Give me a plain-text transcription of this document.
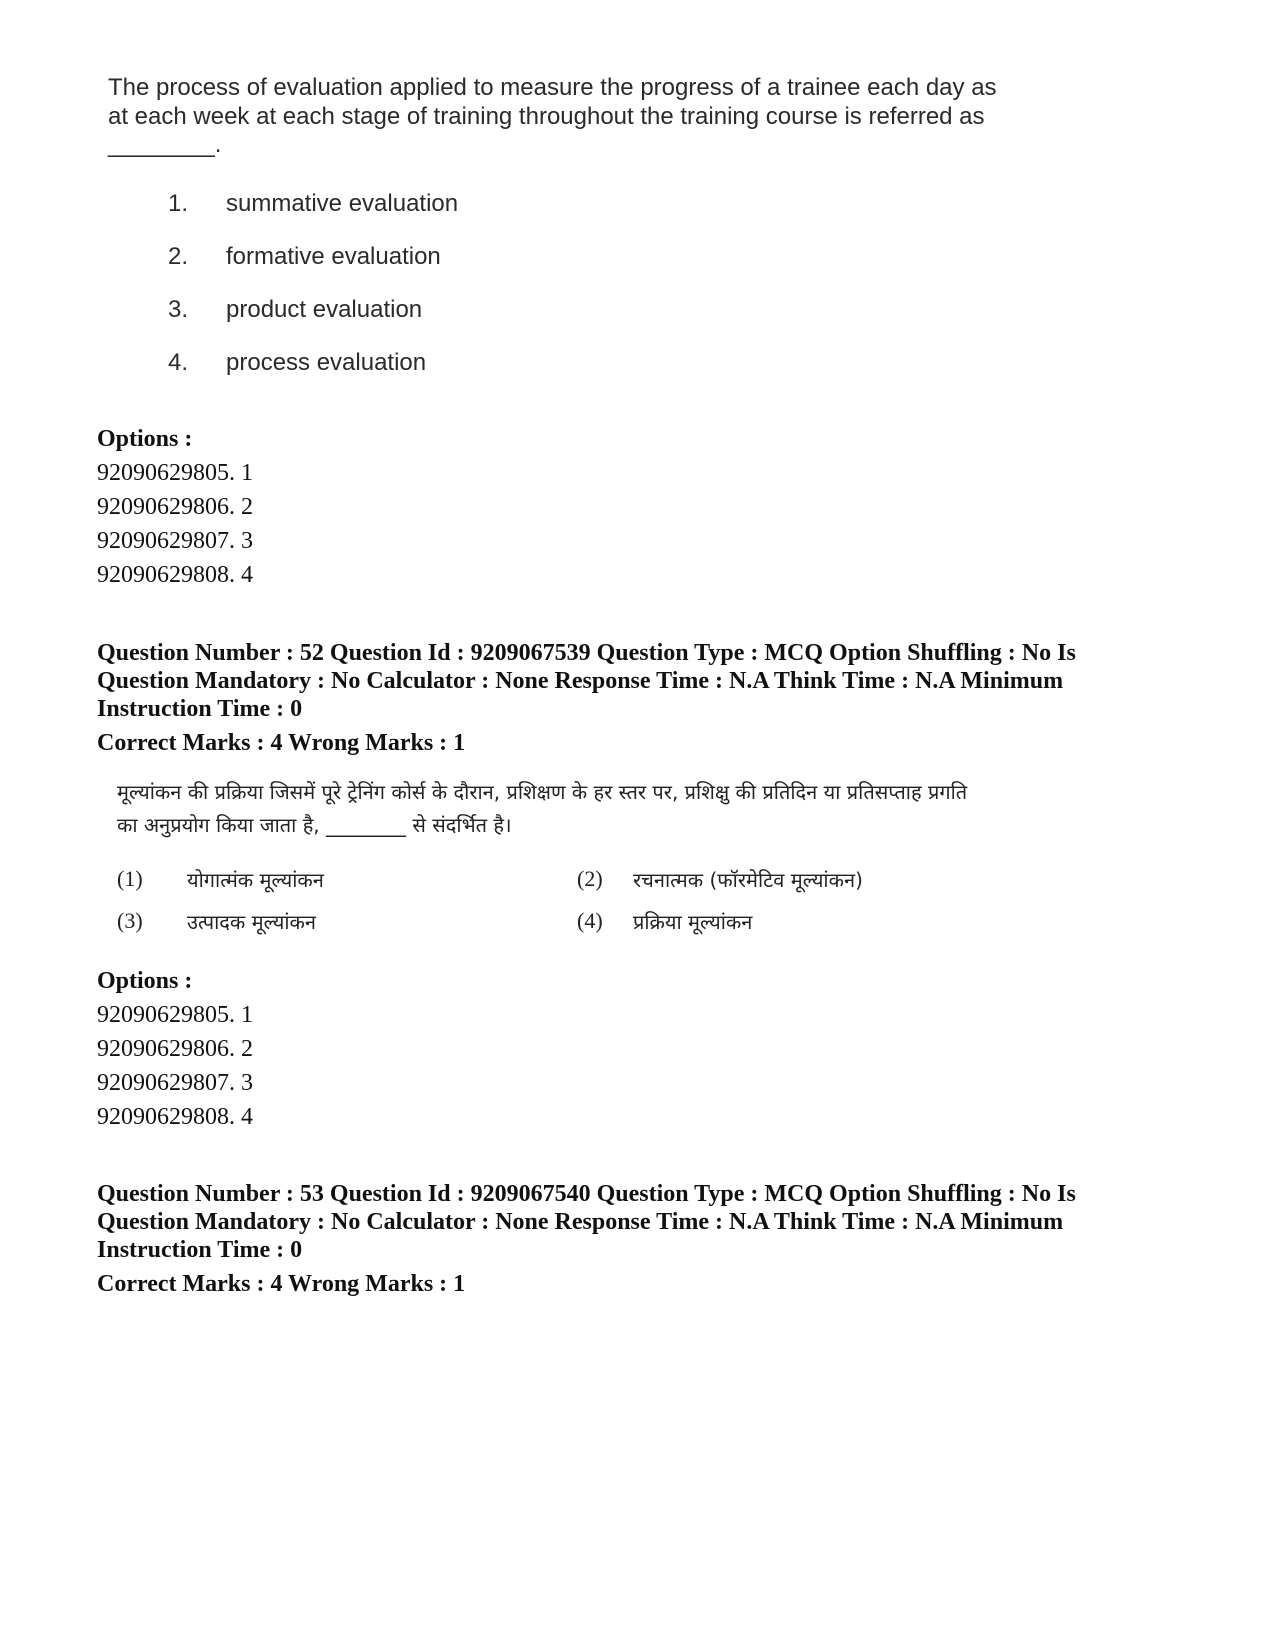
The process of evaluation applied to measure the progress of a trainee each day as at each week at each stage of training throughout the training course is referred as ________.
1. summative evaluation
2. formative evaluation
3. product evaluation
4. process evaluation
Options :
92090629805. 1
92090629806. 2
92090629807. 3
92090629808. 4
Question Number : 52 Question Id : 9209067539 Question Type : MCQ Option Shuffling : No Is
Question Mandatory : No Calculator : None Response Time : N.A Think Time : N.A Minimum
Instruction Time : 0
Correct Marks : 4 Wrong Marks : 1
मूल्यांकन की प्रक्रिया जिसमें पूरे ट्रेनिंग कोर्स के दौरान, प्रशिक्षण के हर स्तर पर, प्रशिक्षु की प्रतिदिन या प्रतिसप्ताह प्रगति
का अनुप्रयोग किया जाता है, ________ से संदर्भित है।
(1) योगात्मंक मूल्यांकन	(2) रचनात्मक (फॉरमेटिव मूल्यांकन)
(3) उत्पादक मूल्यांकन	(4) प्रक्रिया मूल्यांकन
Options :
92090629805. 1
92090629806. 2
92090629807. 3
92090629808. 4
Question Number : 53 Question Id : 9209067540 Question Type : MCQ Option Shuffling : No Is
Question Mandatory : No Calculator : None Response Time : N.A Think Time : N.A Minimum
Instruction Time : 0
Correct Marks : 4 Wrong Marks : 1
